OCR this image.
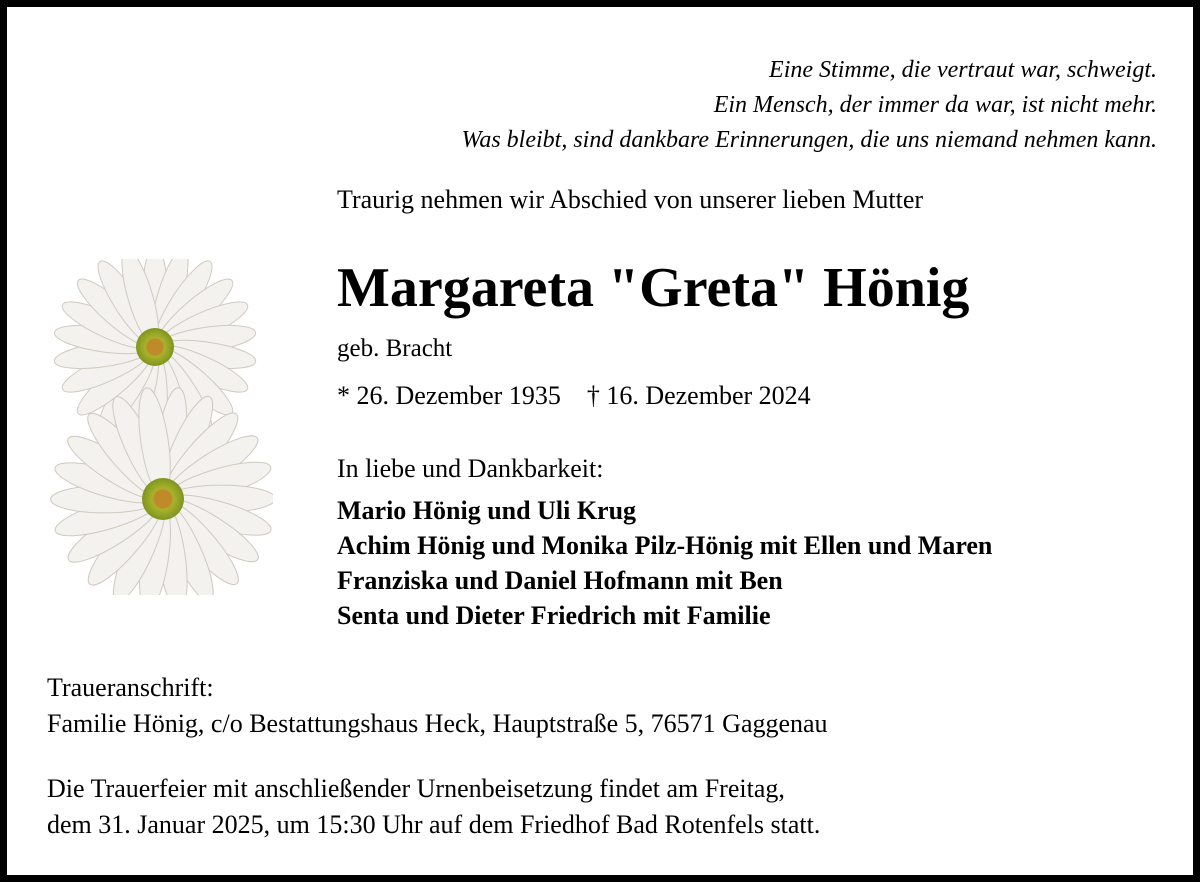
Eine Stimme, die vertraut war, schweigt.
Ein Mensch, der immer da war, ist nicht mehr.
Was bleibt, sind dankbare Erinnerungen, die uns niemand nehmen kann.
Traurig nehmen wir Abschied von unserer lieben Mutter
Margareta "Greta" Hönig
geb. Bracht
* 26. Dezember 1935 † 16. Dezember 2024
In liebe und Dankbarkeit:
Mario Hönig und Uli Krug
Achim Hönig und Monika Pilz-Hönig mit Ellen und Maren
Franziska und Daniel Hofmann mit Ben
Senta und Dieter Friedrich mit Familie
Traueranschrift:
Familie Hönig, c/o Bestattungshaus Heck, Hauptstraße 5, 76571 Gaggenau
Die Trauerfeier mit anschließender Urnenbeisetzung findet am Freitag,
dem 31. Januar 2025, um 15:30 Uhr auf dem Friedhof Bad Rotenfels statt.
